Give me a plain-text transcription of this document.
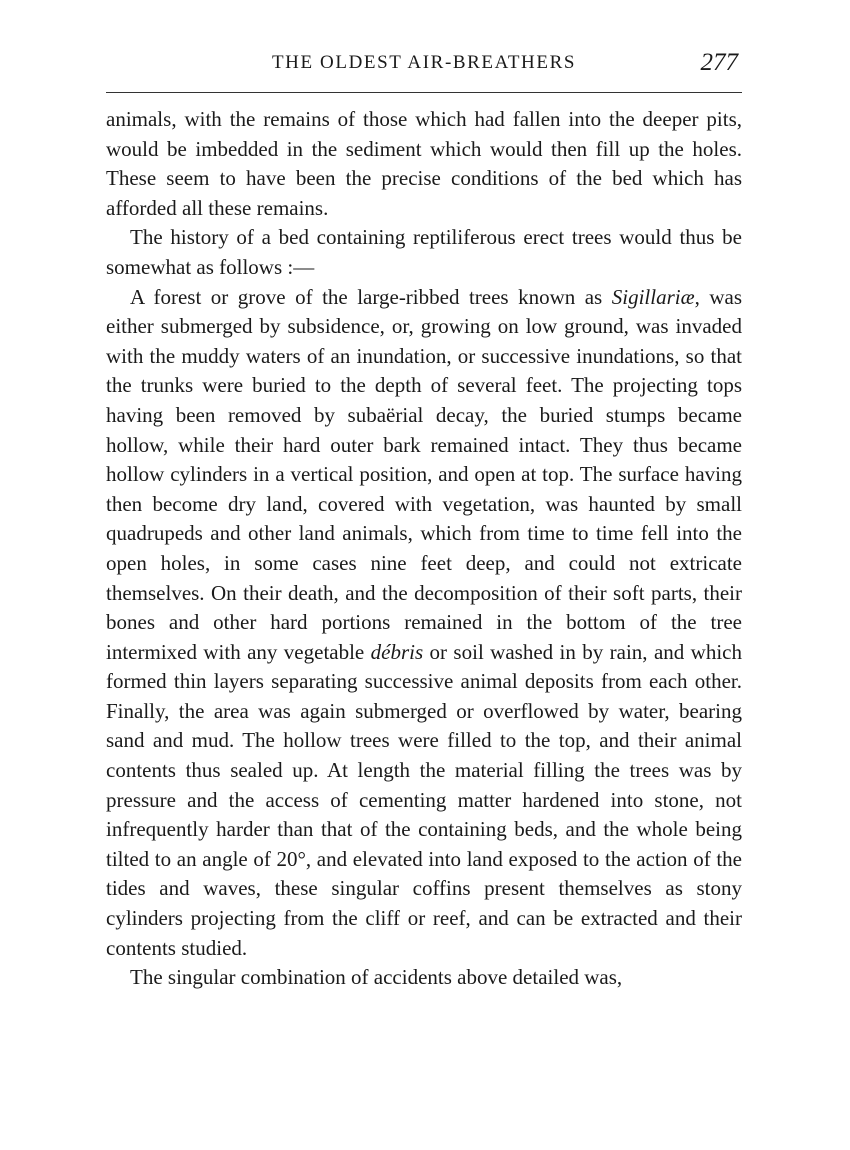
THE OLDEST AIR-BREATHERS	277

animals, with the remains of those which had fallen into the deeper pits, would be imbedded in the sediment which would then fill up the holes. These seem to have been the precise conditions of the bed which has afforded all these remains.

The history of a bed containing reptiliferous erect trees would thus be somewhat as follows :—

A forest or grove of the large-ribbed trees known as Sigillariæ, was either submerged by subsidence, or, growing on low ground, was invaded with the muddy waters of an inundation, or successive inundations, so that the trunks were buried to the depth of several feet. The projecting tops having been removed by subaërial decay, the buried stumps became hollow, while their hard outer bark remained intact. They thus became hollow cylinders in a vertical position, and open at top. The surface having then become dry land, covered with vegetation, was haunted by small quadrupeds and other land animals, which from time to time fell into the open holes, in some cases nine feet deep, and could not extricate themselves. On their death, and the decomposition of their soft parts, their bones and other hard portions remained in the bottom of the tree intermixed with any vegetable débris or soil washed in by rain, and which formed thin layers separating successive animal deposits from each other. Finally, the area was again submerged or overflowed by water, bearing sand and mud. The hollow trees were filled to the top, and their animal contents thus sealed up. At length the material filling the trees was by pressure and the access of cementing matter hardened into stone, not infrequently harder than that of the containing beds, and the whole being tilted to an angle of 20°, and elevated into land exposed to the action of the tides and waves, these singular coffins present themselves as stony cylinders projecting from the cliff or reef, and can be extracted and their contents studied.

The singular combination of accidents above detailed was,
